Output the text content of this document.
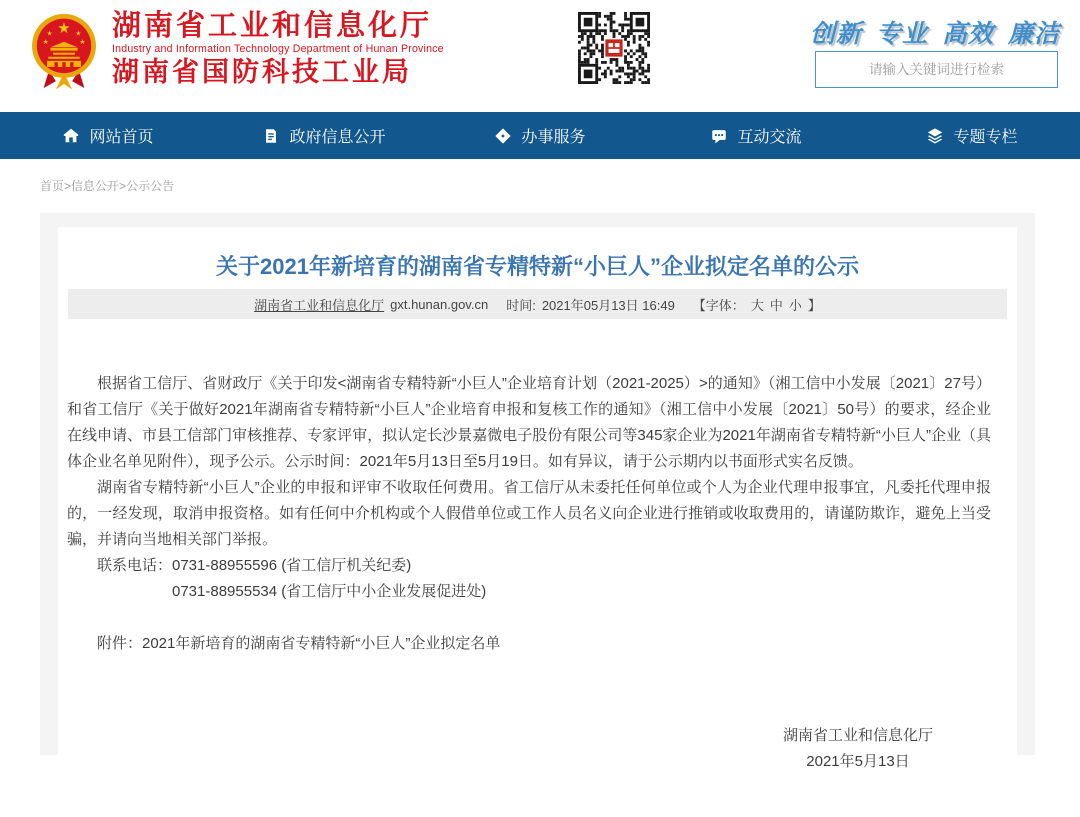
★
★ ★
★	★ 湖南省工业和信息化厅
Industry and Information Technology Department of Hunan Province
湖南省国防科技工业局
创新 专业 高效 廉洁
请输入关键词进行检索
网站首页	政府信息公开	办事服务	互动交流	专题专栏
首页>信息公开>公示公告
关于2021年新培育的湖南省专精特新“小巨人”企业拟定名单的公示
湖南省工业和信息化厅 gxt.hunan.gov.cn 时间: 2021年05月13日 16:49 【字体： 大 中 小 】

根据省工信厅、省财政厅《关于印发<湖南省专精特新“小巨人”企业培育计划（2021-2025）>的通知》（湘工信中小发展〔2021〕27号）和省工信厅《关于做好2021年湖南省专精特新“小巨人”企业培育申报和复核工作的通知》（湘工信中小发展〔2021〕50号）的要求，经企业在线申请、市县工信部门审核推荐、专家评审，拟认定长沙景嘉微电子股份有限公司等345家企业为2021年湖南省专精特新“小巨人”企业（具体企业名单见附件），现予公示。公示时间：2021年5月13日至5月19日。如有异议，请于公示期内以书面形式实名反馈。

湖南省专精特新“小巨人”企业的申报和评审不收取任何费用。省工信厅从未委托任何单位或个人为企业代理申报事宜，凡委托代理申报的，一经发现，取消申报资格。如有任何中介机构或个人假借单位或工作人员名义向企业进行推销或收取费用的，请谨防欺诈，避免上当受骗，并请向当地相关部门举报。

联系电话：0731-88955596 (省工信厅机关纪委)

0731-88955534 (省工信厅中小企业发展促进处)

附件：2021年新培育的湖南省专精特新“小巨人”企业拟定名单

湖南省工业和信息化厅
2021年5月13日
